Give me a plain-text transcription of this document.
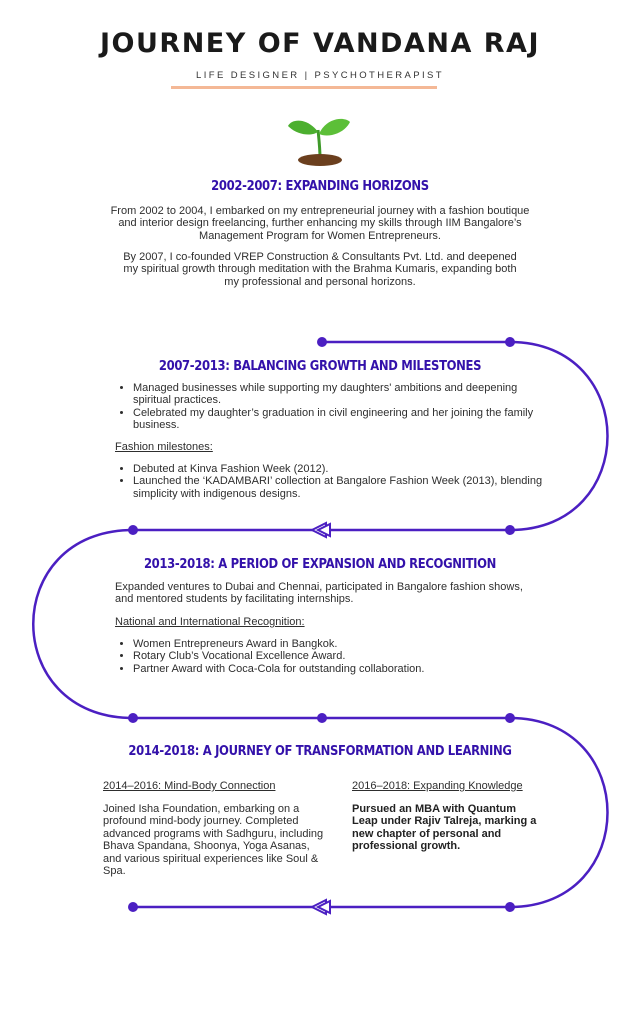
JOURNEY OF VANDANA RAJ
LIFE DESIGNER | PSYCHOTHERAPIST
2002-2007: EXPANDING HORIZONS

From 2002 to 2004, I embarked on my entrepreneurial journey with a fashion boutique and interior design freelancing, further enhancing my skills through IIM Bangalore’s Management Program for Women Entrepreneurs.

By 2007, I co-founded VREP Construction & Consultants Pvt. Ltd. and deepened my spiritual growth through meditation with the Brahma Kumaris, expanding both my professional and personal horizons.

2007-2013: BALANCING GROWTH AND MILESTONES
• Managed businesses while supporting my daughters' ambitions and deepening spiritual practices.
• Celebrated my daughter’s graduation in civil engineering and her joining the family business.
Fashion milestones:
• Debuted at Kinva Fashion Week (2012).
• Launched the ‘KADAMBARI’ collection at Bangalore Fashion Week (2013), blending simplicity with indigenous designs.
2013-2018: A PERIOD OF EXPANSION AND RECOGNITION

Expanded ventures to Dubai and Chennai, participated in Bangalore fashion shows, and mentored students by facilitating internships.

National and International Recognition:
• Women Entrepreneurs Award in Bangkok.
• Rotary Club’s Vocational Excellence Award.
• Partner Award with Coca-Cola for outstanding collaboration.
2014-2018: A JOURNEY OF TRANSFORMATION AND LEARNING
2014–2016: Mind-Body Connection

Joined Isha Foundation, embarking on a profound mind-body journey. Completed advanced programs with Sadhguru, including Bhava Spandana, Shoonya, Yoga Asanas, and various spiritual experiences like Soul & Spa.

2016–2018: Expanding Knowledge

Pursued an MBA with Quantum Leap under Rajiv Talreja, marking a new chapter of personal and professional growth.
